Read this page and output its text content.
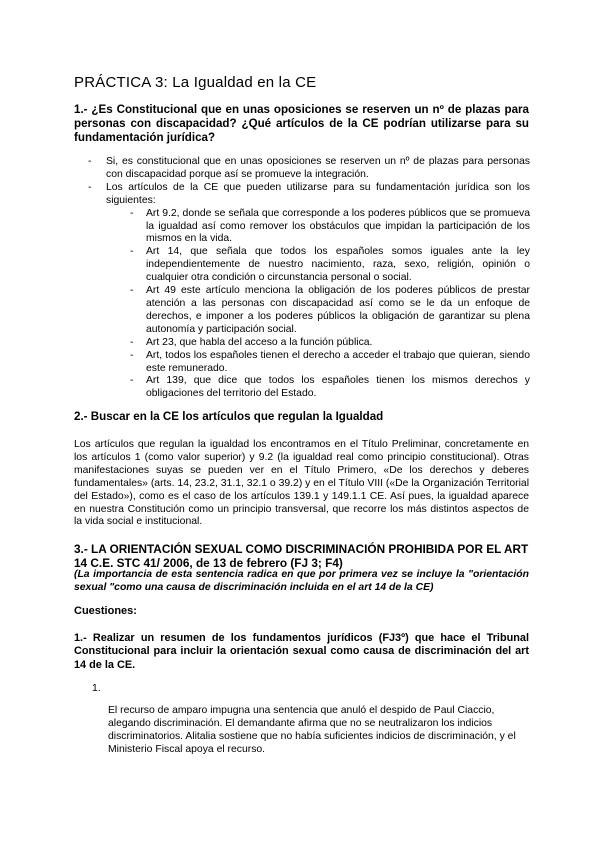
PRÁCTICA 3: La Igualdad en la CE

1.- ¿Es Constitucional que en unas oposiciones se reserven un nº de plazas para personas con discapacidad? ¿Qué artículos de la CE podrían utilizarse para su fundamentación jurídica?

- Si, es constitucional que en unas oposiciones se reserven un nº de plazas para personas con discapacidad porque así se promueve la integración.
- Los artículos de la CE que pueden utilizarse para su fundamentación jurídica son los siguientes:
- Art 9.2, donde se señala que corresponde a los poderes públicos que se promueva la igualdad así como remover los obstáculos que impidan la participación de los mismos en la vida.
- Art 14, que señala que todos los españoles somos iguales ante la ley independientemente de nuestro nacimiento, raza, sexo, religión, opinión o cualquier otra condición o circunstancia personal o social.
- Art 49 este artículo menciona la obligación de los poderes públicos de prestar atención a las personas con discapacidad así como se le da un enfoque de derechos, e imponer a los poderes públicos la obligación de garantizar su plena autonomía y participación social.
- Art 23, que habla del acceso a la función pública.
- Art, todos los españoles tienen el derecho a acceder el trabajo que quieran, siendo este remunerado.
- Art 139, que dice que todos los españoles tienen los mismos derechos y obligaciones del territorio del Estado.

2.- Buscar en la CE los artículos que regulan la Igualdad

Los artículos que regulan la igualdad los encontramos en el Título Preliminar, concretamente en los artículos 1 (como valor superior) y 9.2 (la igualdad real como principio constitucional). Otras manifestaciones suyas se pueden ver en el Título Primero, «De los derechos y deberes fundamentales» (arts. 14, 23.2, 31.1, 32.1 o 39.2) y en el Título VIII («De la Organización Territorial del Estado»), como es el caso de los artículos 139.1 y 149.1.1 CE. Así pues, la igualdad aparece en nuestra Constitución como un principio transversal, que recorre los más distintos aspectos de la vida social e institucional.

3.- LA ORIENTACIÓN SEXUAL COMO DISCRIMINACIÓN PROHIBIDA POR EL ART 14 C.E. STC 41/ 2006, de 13 de febrero (FJ 3; F4)

(La importancia de esta sentencia radica en que por primera vez se incluye la "orientación sexual "como una causa de discriminación incluida en el art 14 de la CE)

Cuestiones:

1.- Realizar un resumen de los fundamentos jurídicos (FJ3º) que hace el Tribunal Constitucional para incluir la orientación sexual como causa de discriminación del art 14 de la CE.

1.

El recurso de amparo impugna una sentencia que anuló el despido de Paul Ciaccio, alegando discriminación. El demandante afirma que no se neutralizaron los indicios discriminatorios. Alitalia sostiene que no había suficientes indicios de discriminación, y el Ministerio Fiscal apoya el recurso.
